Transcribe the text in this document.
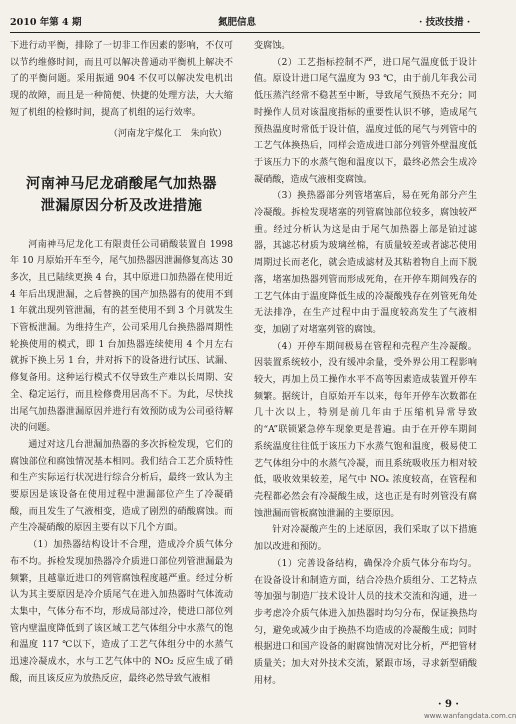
2010 年第 4 期	氮肥信息	· 技改技措 ·

下进行动平衡，排除了一切非工作因素的影响，不仅可以节约维修时间，而且可以解决普通动平衡机上解决不了的平衡问题。采用振通 904 不仅可以解决发电机出现的故障，而且是一种简便、快捷的处理方法，大大缩短了机组的检修时间，提高了机组的运行效率。

（河南龙宇煤化工　朱向钦）
河南神马尼龙硝酸尾气加热器
泄漏原因分析及改进措施

河南神马尼龙化工有限责任公司硝酸装置自 1998 年 10 月原始开车至今，尾气加热器因泄漏修复高达 30 多次，且已陆续更换 4 台，其中原进口加热器在使用近 4 年后出现泄漏，之后替换的国产加热器有的使用不到 1 年就出现列管泄漏，有的甚至使用不到 3 个月就发生下管板泄漏。为维持生产，公司采用几台换热器周期性轮换使用的模式，即 1 台加热器连续使用 4 个月左右就拆下换上另 1 台，并对拆下的设备进行试压、试漏、修复备用。这种运行模式不仅导致生产难以长周期、安全、稳定运行，而且检修费用居高不下。为此，尽快找出尾气加热器泄漏原因并进行有效预防成为公司亟待解决的问题。

通过对这几台泄漏加热器的多次拆检发现，它们的腐蚀部位和腐蚀情况基本相同。我们结合工艺介质特性和生产实际运行状况进行综合分析后，最终一致认为主要原因是该设备在使用过程中泄漏部位产生了冷凝硝酸，而且发生了气液相变，造成了剧烈的硝酸腐蚀。而产生冷凝硝酸的原因主要有以下几个方面。

（1）加热器结构设计不合理，造成冷介质气体分布不均。拆检发现加热器冷介质进口部位列管泄漏最为频繁，且越靠近进口的列管腐蚀程度越严重。经过分析认为其主要原因是冷介质尾气在进入加热器时气体流动太集中，气体分布不均，形成局部过冷，使进口部位列管内壁温度降低到了该区域工艺气体组分中水蒸气的饱和温度 117 ℃以下，造成了工艺气体组分中的水蒸气迅速冷凝成水，水与工艺气体中的 NO₂ 反应生成了硝酸，而且该反应为放热反应，最终必然导致气液相

变腐蚀。

（2）工艺指标控制不严，进口尾气温度低于设计值。原设计进口尾气温度为 93 ℃，由于前几年我公司低压蒸汽经常不稳甚至中断，导致尾气预热不充分；同时操作人员对该温度指标的重要性认识不够，造成尾气预热温度时常低于设计值，温度过低的尾气与列管中的工艺气体换热后，同样会造成进口部分列管外壁温度低于该压力下的水蒸气饱和温度以下，最终必然会生成冷凝硝酸，造成气液相变腐蚀。

（3）换热器部分列管堵塞后，易在死角部分产生冷凝酸。拆检发现堵塞的列管腐蚀部位较多，腐蚀较严重。经过分析认为这是由于尾气加热器上部是铂过滤器，其滤芯材质为玻璃丝棉，有质量较差或者滤芯使用周期过长而老化，就会造成滤材及其粘着物自上而下脱落，堵塞加热器列管而形成死角，在开停车期间残存的工艺气体由于温度降低生成的冷凝酸残存在列管死角处无法排净，在生产过程中由于温度较高发生了气液相变，加剧了对堵塞列管的腐蚀。

（4）开停车期间极易在管程和壳程产生冷凝酸。因装置系统较小，没有缓冲余量，受外界公用工程影响较大，再加上员工操作水平不高等因素造成装置开停车频繁。据统计，自原始开车以来，每年开停车次数都在几十次以上，特别是前几年由于压缩机异常导致的“A”联锁紧急停车现象更是普遍。由于在开停车期间系统温度往往低于该压力下水蒸气饱和温度，极易使工艺气体组分中的水蒸气冷凝，而且系统吸收压力相对较低，吸收效果较差，尾气中 NOₓ 浓度较高，在管程和壳程都必然会有冷凝酸生成，这也正是有时列管没有腐蚀泄漏而管板腐蚀泄漏的主要原因。

针对冷凝酸产生的上述原因，我们采取了以下措施加以改进和预防。

（1）完善设备结构，确保冷介质气体分布均匀。在设备设计和制造方面，结合冷热介质组分、工艺特点等加强与制造厂技术设计人员的技术交流和沟通，进一步考虑冷介质气体进入加热器时均匀分布，保证换热均匀，避免或减少由于换热不均造成的冷凝酸生成；同时根据进口和国产设备的耐腐蚀情况对比分析，严把管材质量关；加大对外技术交流，紧跟市场，寻求新型硝酸用材。

· 9 ·
www.wanfangdata.com.cn
